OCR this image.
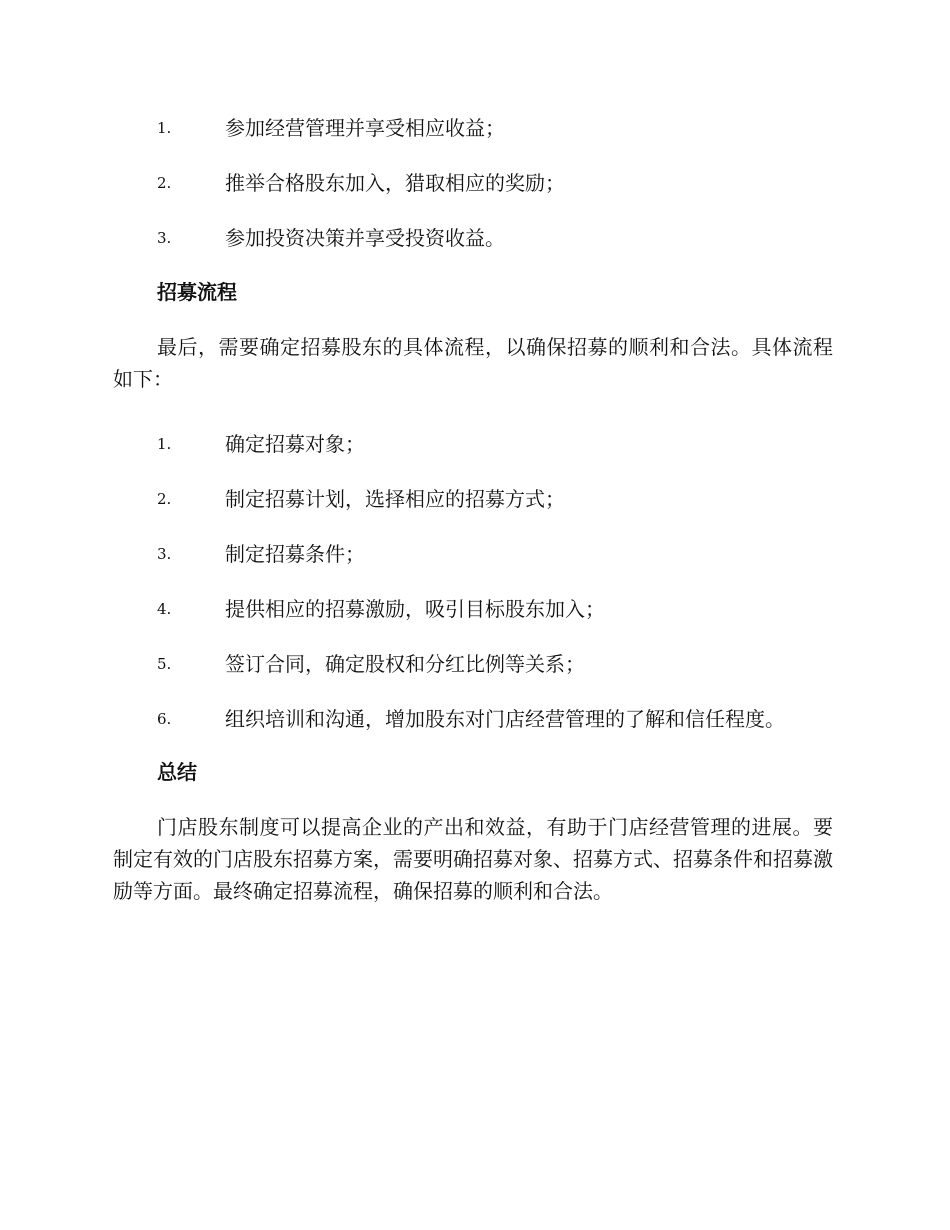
1.	参加经营管理并享受相应收益；
2.	推举合格股东加入，猎取相应的奖励；
3.	参加投资决策并享受投资收益。
招募流程

最后，需要确定招募股东的具体流程，以确保招募的顺利和合法。具体流程如下：

1.	确定招募对象；
2.	制定招募计划，选择相应的招募方式；
3.	制定招募条件；
4.	提供相应的招募激励，吸引目标股东加入；
5.	签订合同，确定股权和分红比例等关系；
6.	组织培训和沟通，增加股东对门店经营管理的了解和信任程度。
总结

门店股东制度可以提高企业的产出和效益，有助于门店经营管理的进展。要制定有效的门店股东招募方案，需要明确招募对象、招募方式、招募条件和招募激励等方面。最终确定招募流程，确保招募的顺利和合法。
